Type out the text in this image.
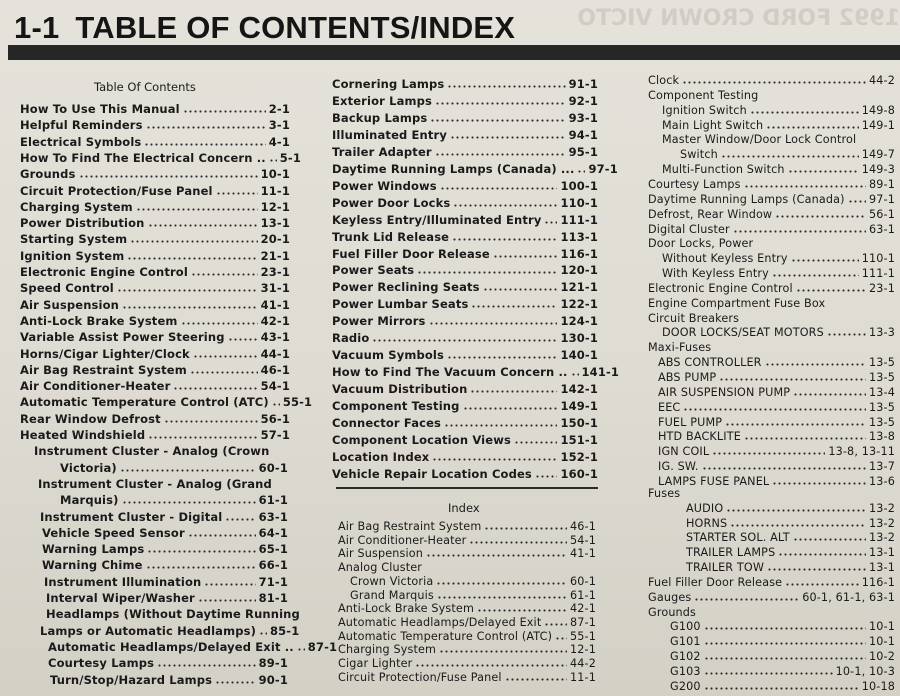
1992 FORD CROWN VICTO
1-1 TABLE OF CONTENTS/INDEX
Table Of Contents
How To Use This Manual	2-1
Helpful Reminders	3-1
Electrical Symbols	4-1
How To Find The Electrical Concern .. 5-1
Grounds	10-1
Circuit Protection/Fuse Panel	11-1
Charging System	12-1
Power Distribution	13-1
Starting System	20-1
Ignition System	21-1
Electronic Engine Control	23-1
Speed Control	31-1
Air Suspension	41-1
Anti-Lock Brake System	42-1
Variable Assist Power Steering	43-1
Horns/Cigar Lighter/Clock	44-1
Air Bag Restraint System	46-1
Air Conditioner-Heater	54-1
Automatic Temperature Control (ATC) 55-1
Rear Window Defrost	56-1
Heated Windshield	57-1
Instrument Cluster - Analog (Crown
Victoria)	60-1
Instrument Cluster - Analog (Grand
Marquis)	61-1
Instrument Cluster - Digital	63-1
Vehicle Speed Sensor	64-1
Warning Lamps	65-1
Warning Chime	66-1
Instrument Illumination	71-1
Interval Wiper/Washer	81-1
Headlamps (Without Daytime Running
Lamps or Automatic Headlamps) 85-1
Automatic Headlamps/Delayed Exit .. 87-1
Courtesy Lamps	89-1
Turn/Stop/Hazard Lamps	90-1
Cornering Lamps	91-1
Exterior Lamps	92-1
Backup Lamps	93-1
Illuminated Entry	94-1
Trailer Adapter	95-1
Daytime Running Lamps (Canada) ... 97-1
Power Windows	100-1
Power Door Locks	110-1
Keyless Entry/Illuminated Entry 111-1
Trunk Lid Release	113-1
Fuel Filler Door Release	116-1
Power Seats	120-1
Power Reclining Seats	121-1
Power Lumbar Seats	122-1
Power Mirrors	124-1
Radio	130-1
Vacuum Symbols	140-1
How to Find The Vacuum Concern .. 141-1
Vacuum Distribution	142-1
Component Testing	149-1
Connector Faces	150-1
Component Location Views	151-1
Location Index	152-1
Vehicle Repair Location Codes 160-1
Index
Air Bag Restraint System	46-1
Air Conditioner-Heater	54-1
Air Suspension	41-1
Analog Cluster
Crown Victoria	60-1
Grand Marquis	61-1
Anti-Lock Brake System	42-1
Automatic Headlamps/Delayed Exit	87-1
Automatic Temperature Control (ATC) 55-1
Charging System	12-1
Cigar Lighter	44-2
Circuit Protection/Fuse Panel	11-1
Clock	44-2
Component Testing
Ignition Switch	149-8
Main Light Switch	149-1
Master Window/Door Lock Control
Switch	149-7
Multi-Function Switch	149-3
Courtesy Lamps	89-1
Daytime Running Lamps (Canada) 97-1
Defrost, Rear Window	56-1
Digital Cluster	63-1
Door Locks, Power
Without Keyless Entry	110-1
With Keyless Entry	111-1
Electronic Engine Control	23-1
Engine Compartment Fuse Box
Circuit Breakers
DOOR LOCKS/SEAT MOTORS	13-3
Maxi-Fuses
ABS CONTROLLER	13-5
ABS PUMP	13-5
AIR SUSPENSION PUMP	13-4
EEC	13-5
FUEL PUMP	13-5
HTD BACKLITE	13-8
IGN COIL	13-8, 13-11
IG. SW.	13-7
LAMPS FUSE PANEL	13-6
Fuses
AUDIO	13-2
HORNS	13-2
STARTER SOL. ALT	13-2
TRAILER LAMPS	13-1
TRAILER TOW	13-1
Fuel Filler Door Release	116-1
Gauges	60-1, 61-1, 63-1
Grounds
G100	10-1
G101	10-1
G102	10-2
G103	10-1, 10-3
G200	10-18
